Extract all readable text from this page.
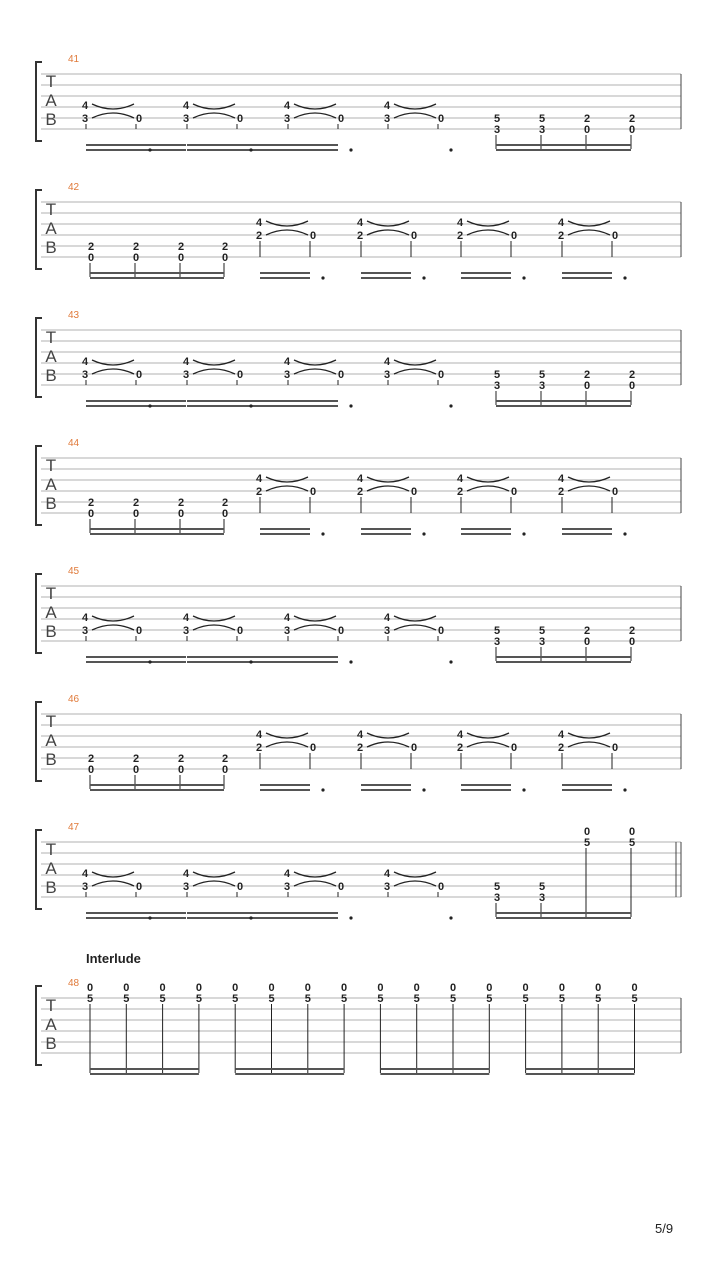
T
A
B
41
4
3	0
4
3	0
4
3	0
4
3	0	5
3
5
3
2
0
2
0
T
A
B
42
2
0
2
0
2
0
2
0
4
2	0
4
2	0
4
2	0
4
2	0
T
A
B
43
4
3	0
4
3	0
4
3	0
4
3	0	5
3
5
3
2
0
2
0
T
A
B
44
2
0
2
0
2
0
2
0
4
2	0
4
2	0
4
2	0
4
2	0
T
A
B
45
4
3	0
4
3	0
4
3	0
4
3	0	5
3
5
3
2
0
2
0
T
A
B
46
2
0
2
0
2
0
2
0
4
2	0
4
2	0
4
2	0
4
2	0
T
A
B
47
4
3	0
4
3	0
4
3	0
4
3	0	5
3
5
3
0
5
0
5
T
A
B
48
Interlude
0
5
0
5
0
5
0
5
0
5
0
5
0
5
0
5
0
5
0
5
0
5
0
5
0
5
0
5
0
5
0
5
5/9
